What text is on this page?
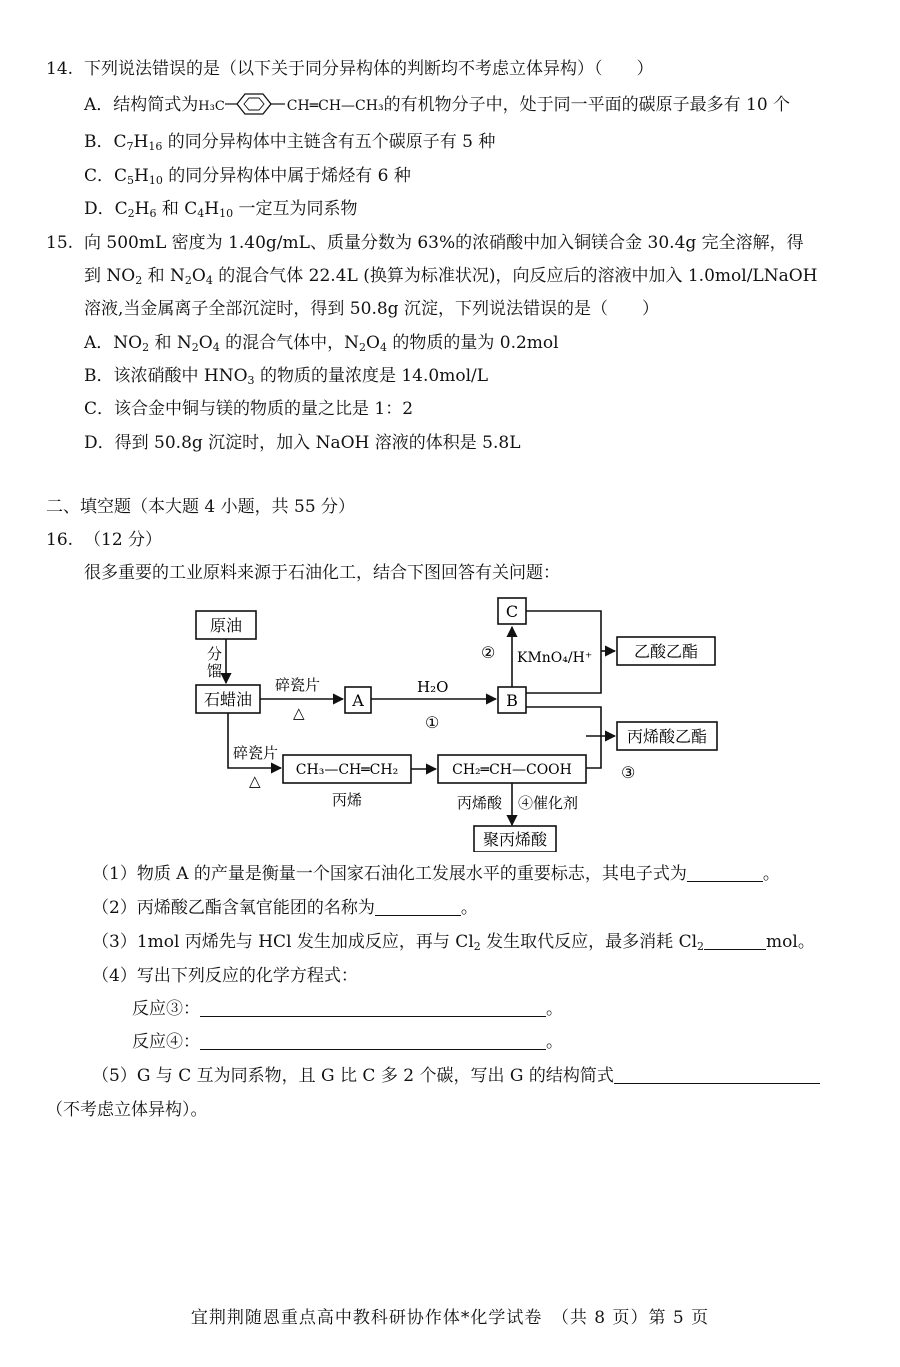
14. 下列说法错误的是（以下关于同分异构体的判断均不考虑立体异构）（　　）
A．结构简式为H₃C	CH═CH—CH₃的有机物分子中，处于同一平面的碳原子最多有 10 个
B．$C_7H_{16}$ 的同分异构体中主链含有五个碳原子有 5 种
C．$C_5H_{10}$ 的同分异构体中属于烯烃有 6 种
D．$C_2H_6$ 和 $C_4H_{10}$ 一定互为同系物
15. 向 500mL 密度为 1.40g/mL、质量分数为 63%的浓硝酸中加入铜镁合金 30.4g 完全溶解，得
到 $NO_2$ 和 $N_2O_4$ 的混合气体 22.4L (换算为标准状况)，向反应后的溶液中加入 1.0mol/LNaOH
溶液,当金属离子全部沉淀时，得到 50.8g 沉淀，下列说法错误的是（　　）
A．$NO_2$ 和 $N_2O_4$ 的混合气体中，$N_2O_4$ 的物质的量为 0.2mol
B．该浓硝酸中 $HNO_3$ 的物质的量浓度是 14.0mol/L
C．该合金中铜与镁的物质的量之比是 1：2
D．得到 50.8g 沉淀时，加入 NaOH 溶液的体积是 5.8L
二、填空题（本大题 4 小题，共 55 分）
16. （12 分）
很多重要的工业原料来源于石油化工，结合下图回答有关问题：
原油
分
馏
石蜡油
碎瓷片
△
A
H₂O
①
B
C
② KMnO₄/H⁺	乙酸乙酯
丙烯酸乙酯
③
碎瓷片
△
CH₃—CH═CH₂
丙烯
CH₂═CH—COOH
丙烯酸 ④催化剂
聚丙烯酸
（1）物质 A 的产量是衡量一个国家石油化工发展水平的重要标志，其电子式为	。
（2）丙烯酸乙酯含氧官能团的名称为	。
（3）1mol 丙烯先与 HCl 发生加成反应，再与 $Cl_2$ 发生取代反应，最多消耗 $Cl_2$	mol。
（4）写出下列反应的化学方程式：
反应③：	。
反应④：	。
（5）G 与 C 互为同系物，且 G 比 C 多 2 个碳，写出 G 的结构简式
（不考虑立体异构）。
宜荆荆随恩重点高中教科研协作体*化学试卷　（共 8 页）第 5 页
